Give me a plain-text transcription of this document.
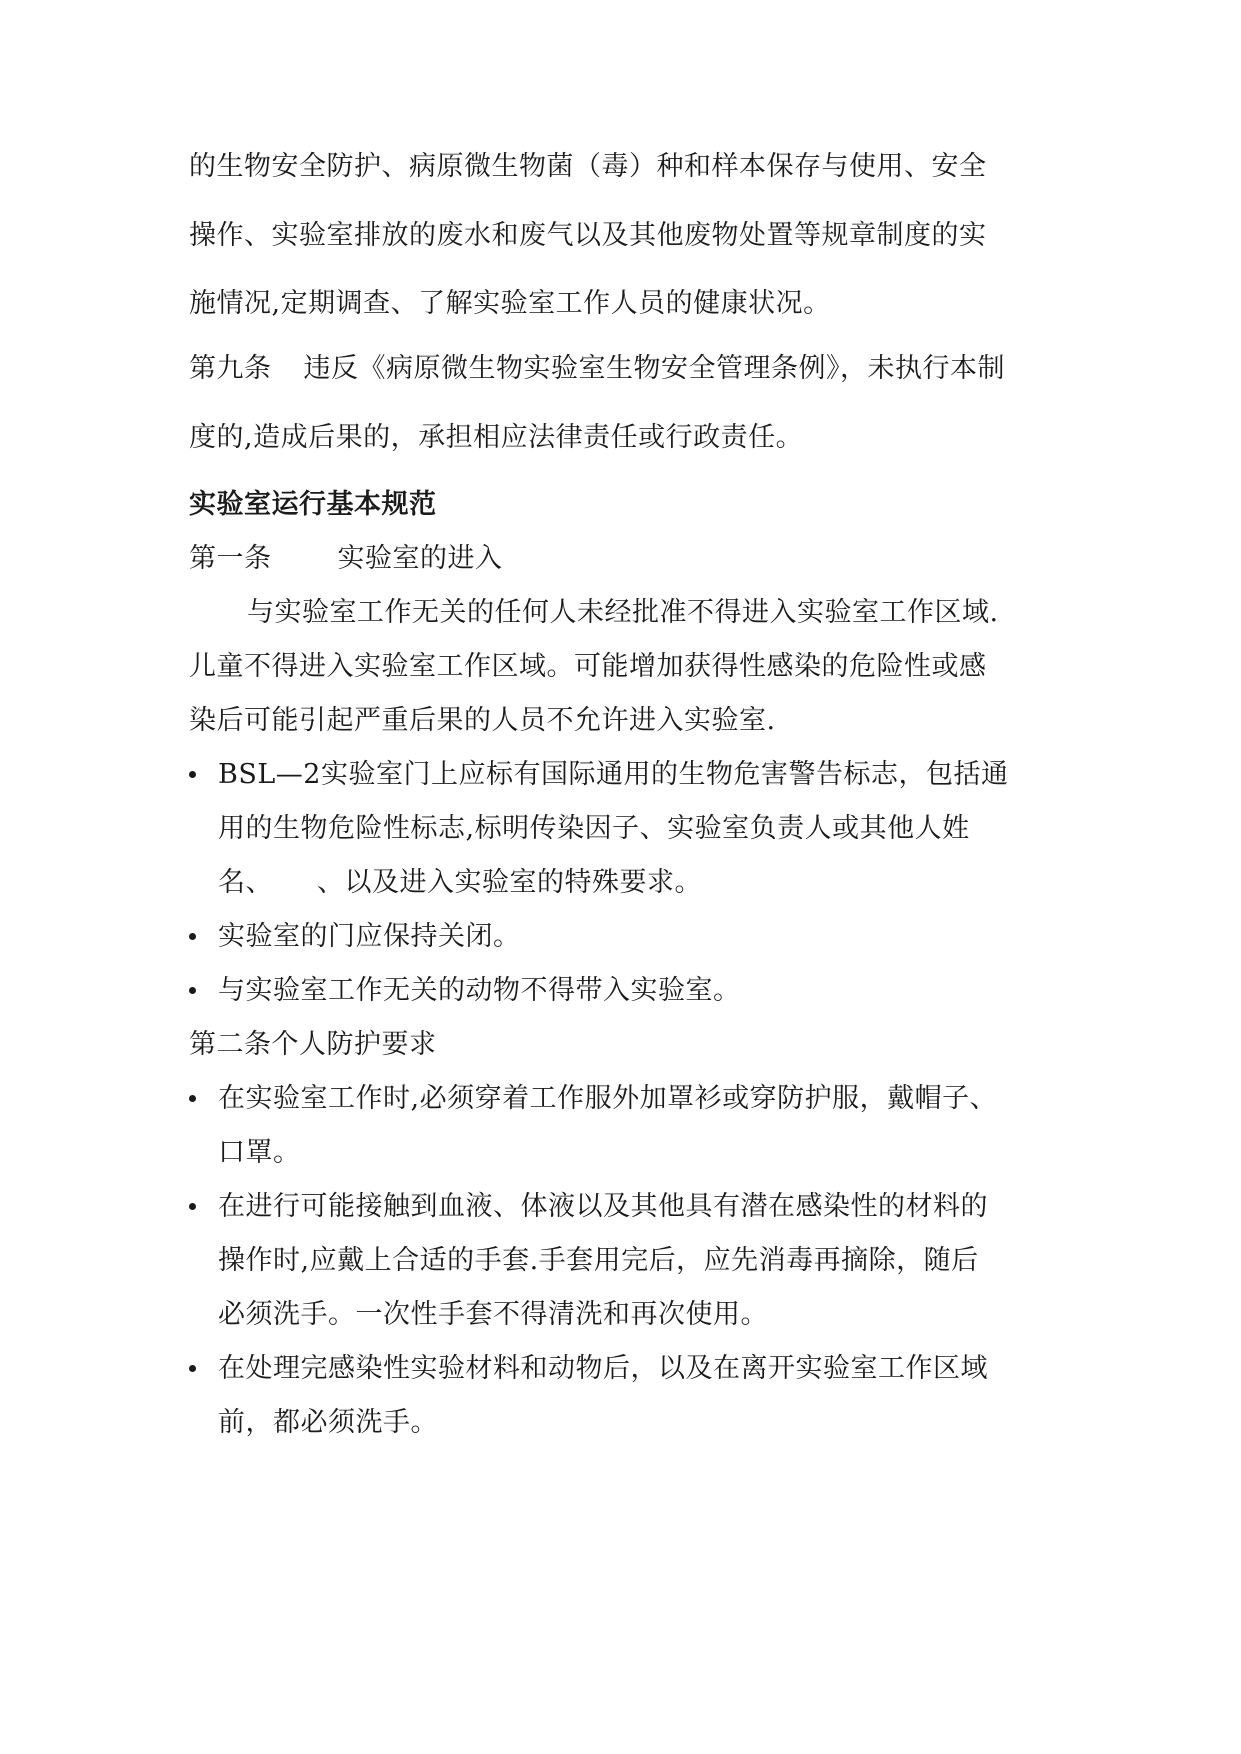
的生物安全防护、病原微生物菌（毒）种和样本保存与使用、安全
操作、实验室排放的废水和废气以及其他废物处置等规章制度的实
施情况,定期调查、了解实验室工作人员的健康状况。
第九条 违反《病原微生物实验室生物安全管理条例》，未执行本制
度的,造成后果的，承担相应法律责任或行政责任。
实验室运行基本规范
第一条 实验室的进入
与实验室工作无关的任何人未经批准不得进入实验室工作区域.
儿童不得进入实验室工作区域。可能增加获得性感染的危险性或感
染后可能引起严重后果的人员不允许进入实验室.
BSL—2实验室门上应标有国际通用的生物危害警告标志，包括通
用的生物危险性标志,标明传染因子、实验室负责人或其他人姓
名、 、以及进入实验室的特殊要求。
实验室的门应保持关闭。
与实验室工作无关的动物不得带入实验室。
第二条个人防护要求
在实验室工作时,必须穿着工作服外加罩衫或穿防护服，戴帽子、
口罩。
在进行可能接触到血液、体液以及其他具有潜在感染性的材料的
操作时,应戴上合适的手套.手套用完后，应先消毒再摘除，随后
必须洗手。一次性手套不得清洗和再次使用。
在处理完感染性实验材料和动物后，以及在离开实验室工作区域
前，都必须洗手。
